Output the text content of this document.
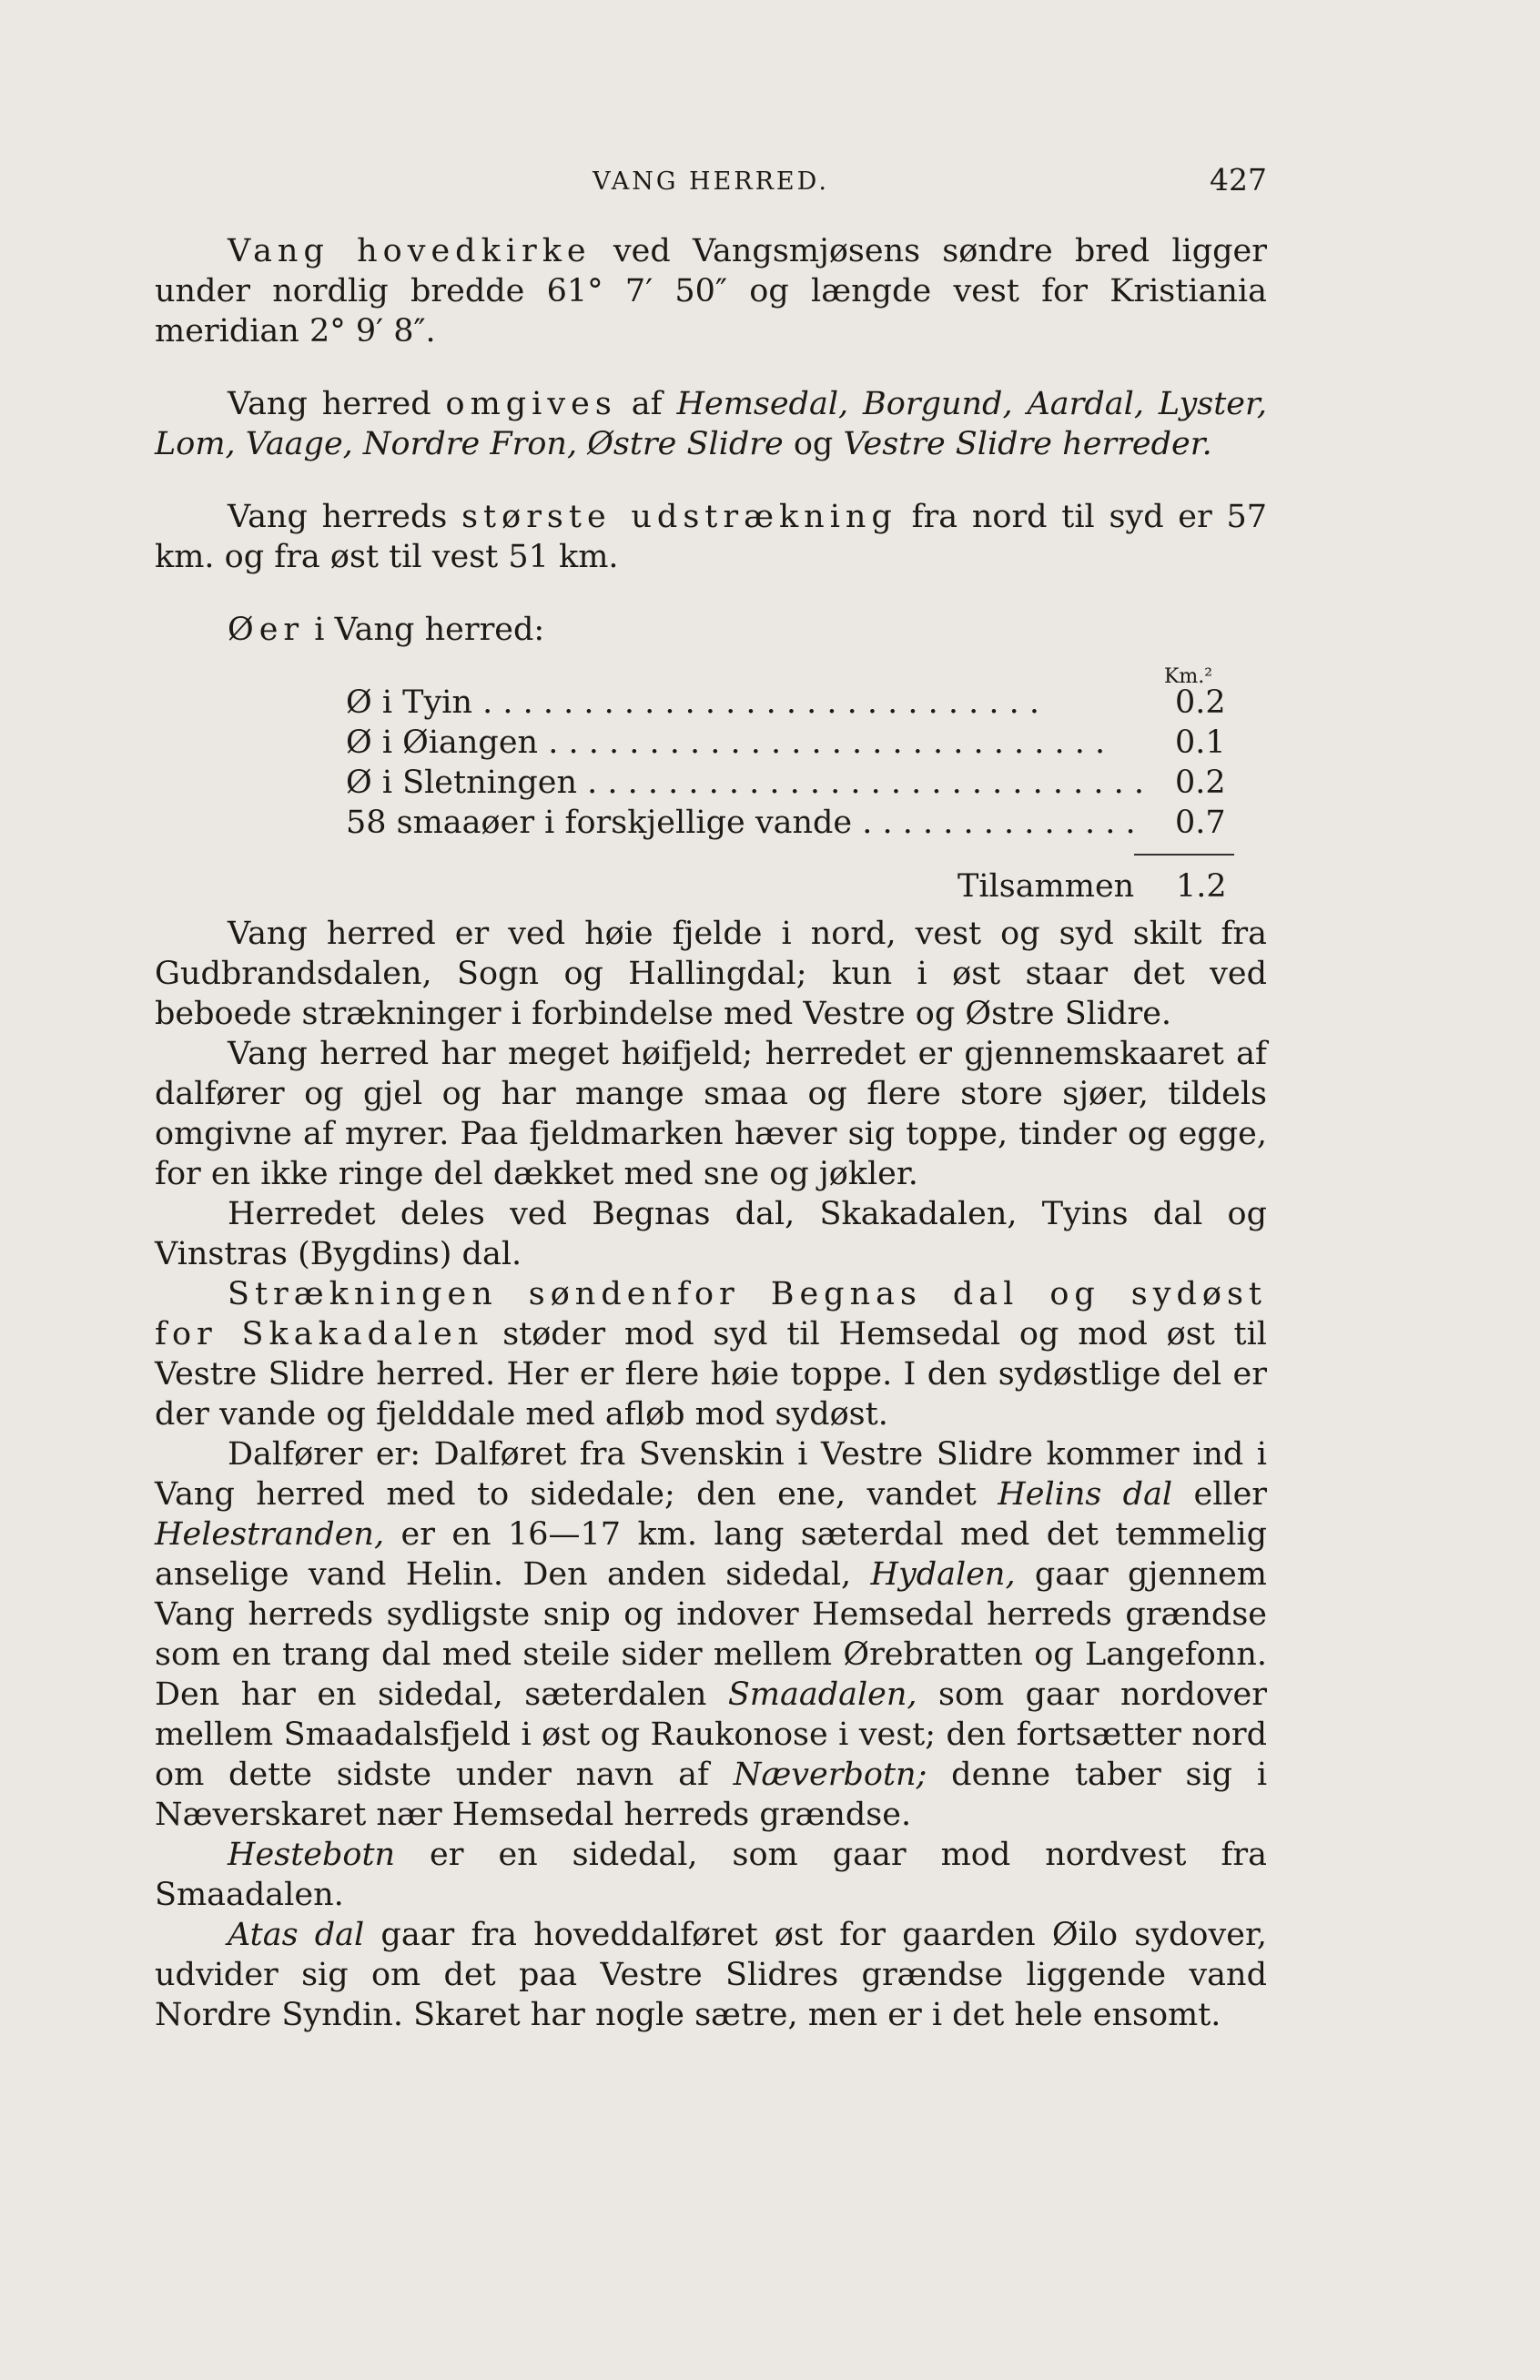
VANG HERRED.	427

Vang hovedkirke ved Vangsmjøsens søndre bred ligger under nordlig bredde 61° 7′ 50″ og længde vest for Kristiania meridian 2° 9′ 8″.

Vang herred omgives af Hemsedal, Borgund, Aardal, Lyster, Lom, Vaage, Nordre Fron, Østre Slidre og Vestre Slidre herreder.

Vang herreds største udstrækning fra nord til syd er 57 km. og fra øst til vest 51 km.

Øer i Vang herred:

Km.²
Ø i Tyin . . . . . . . . . . . . . . . . . . . . . . . . . . . .	0.2
Ø i Øiangen . . . . . . . . . . . . . . . . . . . . . . . . . . . .	0.1
Ø i Sletningen . . . . . . . . . . . . . . . . . . . . . . . . . . . . 0.2
58 smaaøer i forskjellige vande . . . . . . . . . . . . . .	0.7
Tilsammen 1.2

Vang herred er ved høie fjelde i nord, vest og syd skilt fra Gudbrandsdalen, Sogn og Hallingdal; kun i øst staar det ved beboede strækninger i forbindelse med Vestre og Østre Slidre.

Vang herred har meget høifjeld; herredet er gjennemskaaret af dalfører og gjel og har mange smaa og flere store sjøer, tildels omgivne af myrer. Paa fjeldmarken hæver sig toppe, tinder og egge, for en ikke ringe del dækket med sne og jøkler.

Herredet deles ved Begnas dal, Skakadalen, Tyins dal og Vinstras (Bygdins) dal.

Strækningen søndenfor Begnas dal og sydøst for Skakadalen støder mod syd til Hemsedal og mod øst til Vestre Slidre herred. Her er flere høie toppe. I den sydøstlige del er der vande og fjelddale med afløb mod sydøst.

Dalfører er: Dalføret fra Svenskin i Vestre Slidre kommer ind i Vang herred med to sidedale; den ene, vandet Helins dal eller Helestranden, er en 16—17 km. lang sæterdal med det temmelig anselige vand Helin. Den anden sidedal, Hydalen, gaar gjennem Vang herreds sydligste snip og indover Hemsedal herreds grændse som en trang dal med steile sider mellem Ørebratten og Langefonn. Den har en sidedal, sæterdalen Smaadalen, som gaar nordover mellem Smaadalsfjeld i øst og Raukonose i vest; den fortsætter nord om dette sidste under navn af Næverbotn; denne taber sig i Næverskaret nær Hemsedal herreds grændse.

Hestebotn er en sidedal, som gaar mod nordvest fra Smaadalen.

Atas dal gaar fra hoveddalføret øst for gaarden Øilo sydover, udvider sig om det paa Vestre Slidres grændse liggende vand Nordre Syndin. Skaret har nogle sætre, men er i det hele ensomt.
